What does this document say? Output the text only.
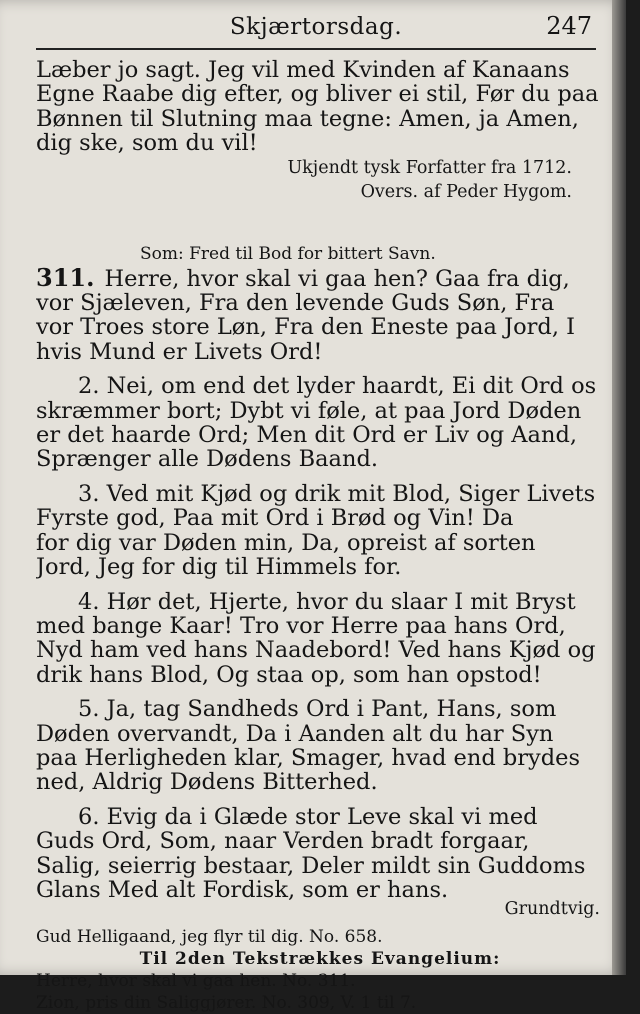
Skjærtorsdag.	247
Læber jo sagt. Jeg vil med Kvinden af Kanaans
Egne Raabe dig efter, og bliver ei stil, Før du paa
Bønnen til Slutning maa tegne: Amen, ja Amen,
dig ske, som du vil!
Ukjendt tysk Forfatter fra 1712.
Overs. af Peder Hygom.
Som: Fred til Bod for bittert Savn.
311. Herre, hvor skal vi gaa hen? Gaa fra dig,
vor Sjæleven, Fra den levende Guds Søn, Fra
vor Troes store Løn, Fra den Eneste paa Jord, I
hvis Mund er Livets Ord!
2. Nei, om end det lyder haardt, Ei dit Ord os
skræmmer bort; Dybt vi føle, at paa Jord Døden
er det haarde Ord; Men dit Ord er Liv og Aand,
Sprænger alle Dødens Baand.
3. Ved mit Kjød og drik mit Blod, Siger Livets
Fyrste god, Paa mit Ord i Brød og Vin! Da
for dig var Døden min, Da, opreist af sorten
Jord, Jeg for dig til Himmels for.
4. Hør det, Hjerte, hvor du slaar I mit Bryst
med bange Kaar! Tro vor Herre paa hans Ord,
Nyd ham ved hans Naadebord! Ved hans Kjød og
drik hans Blod, Og staa op, som han opstod!
5. Ja, tag Sandheds Ord i Pant, Hans, som
Døden overvandt, Da i Aanden alt du har Syn
paa Herligheden klar, Smager, hvad end brydes
ned, Aldrig Dødens Bitterhed.
6. Evig da i Glæde stor Leve skal vi med
Guds Ord, Som, naar Verden bradt forgaar,
Salig, seierrig bestaar, Deler mildt sin Guddoms
Glans Med alt Fordisk, som er hans.
Grundtvig.
Gud Helligaand, jeg flyr til dig. No. 658.
Til 2den Tekstrækkes Evangelium:
Herre, hvor skal vi gaa hen. No. 311.
Zion, pris din Saliggjører. No. 309, V. 1 til 7.
